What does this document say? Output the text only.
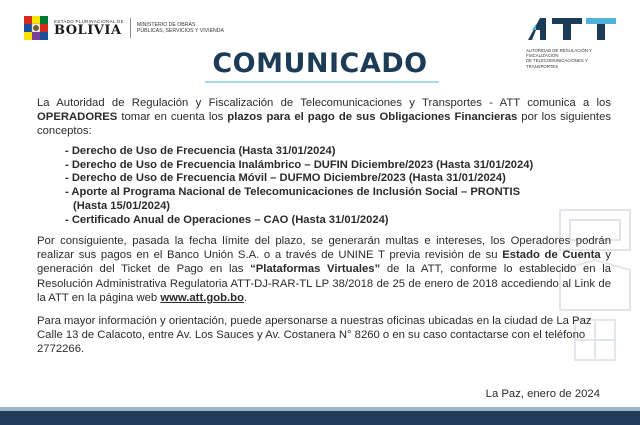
ESTADO PLURINACIONAL DE
BOLIVIA	MINISTERIO DE OBRAS
PÚBLICAS, SERVICIOS Y VIVIENDA
AUTORIDAD DE REGULACIÓN Y FISCALIZACIÓN
DE TELECOMUNICACIONES Y TRANSPORTES
COMUNICADO

La Autoridad de Regulación y Fiscalización de Telecomunicaciones y Transportes - ATT comunica a los OPERADORES tomar en cuenta los plazos para el pago de sus Obligaciones Financieras por los siguientes conceptos:

- Derecho de Uso de Frecuencia (Hasta 31/01/2024)
- Derecho de Uso de Frecuencia Inalámbrico – DUFIN Diciembre/2023 (Hasta 31/01/2024)
- Derecho de Uso de Frecuencia Móvil – DUFMO Diciembre/2023 (Hasta 31/01/2024)
- Aporte al Programa Nacional de Telecomunicaciones de Inclusión Social – PRONTIS
(Hasta 15/01/2024)
- Certificado Anual de Operaciones – CAO (Hasta 31/01/2024)

Por consiguiente, pasada la fecha límite del plazo, se generarán multas e intereses, los Operadores podrán realizar sus pagos en el Banco Unión S.A. o a través de UNINE T previa revisión de su Estado de Cuenta y generación del Ticket de Pago en las “Plataformas Virtuales” de la ATT, conforme lo establecido en la Resolución Administrativa Regulatoria ATT-DJ-RAR-TL LP 38/2018 de 25 de enero de 2018 accediendo al Link de la ATT en la página web www.att.gob.bo.

Para mayor información y orientación, puede apersonarse a nuestras oficinas ubicadas en la ciudad de La Paz Calle 13 de Calacoto, entre Av. Los Sauces y Av. Costanera N° 8260 o en su caso contactarse con el teléfono 2772266.

La Paz, enero de 2024
